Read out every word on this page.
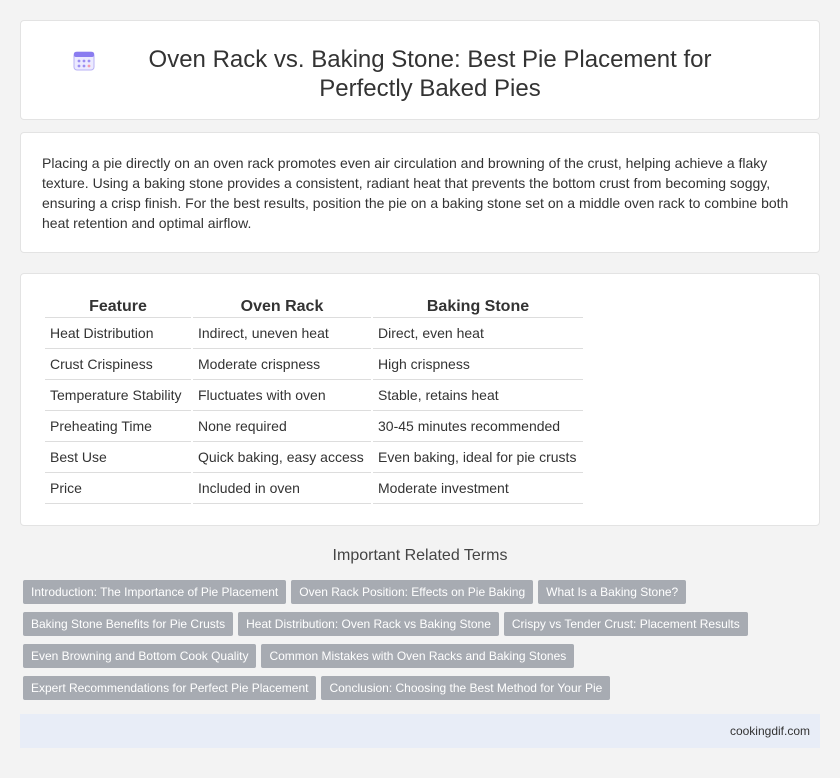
Oven Rack vs. Baking Stone: Best Pie Placement for Perfectly Baked Pies

Placing a pie directly on an oven rack promotes even air circulation and browning of the crust, helping achieve a flaky texture. Using a baking stone provides a consistent, radiant heat that prevents the bottom crust from becoming soggy, ensuring a crisp finish. For the best results, position the pie on a baking stone set on a middle oven rack to combine both heat retention and optimal airflow.

Feature	Oven Rack	Baking Stone
Heat Distribution	Indirect, uneven heat	Direct, even heat
Crust Crispiness	Moderate crispness	High crispness
Temperature Stability	Fluctuates with oven	Stable, retains heat
Preheating Time	None required	30-45 minutes recommended
Best Use	Quick baking, easy access	Even baking, ideal for pie crusts
Price	Included in oven	Moderate investment
Important Related Terms
Introduction: The Importance of Pie Placement Oven Rack Position: Effects on Pie Baking What Is a Baking Stone?
Baking Stone Benefits for Pie Crusts Heat Distribution: Oven Rack vs Baking Stone Crispy vs Tender Crust: Placement Results
Even Browning and Bottom Cook Quality Common Mistakes with Oven Racks and Baking Stones
Expert Recommendations for Perfect Pie Placement Conclusion: Choosing the Best Method for Your Pie
cookingdif.com
